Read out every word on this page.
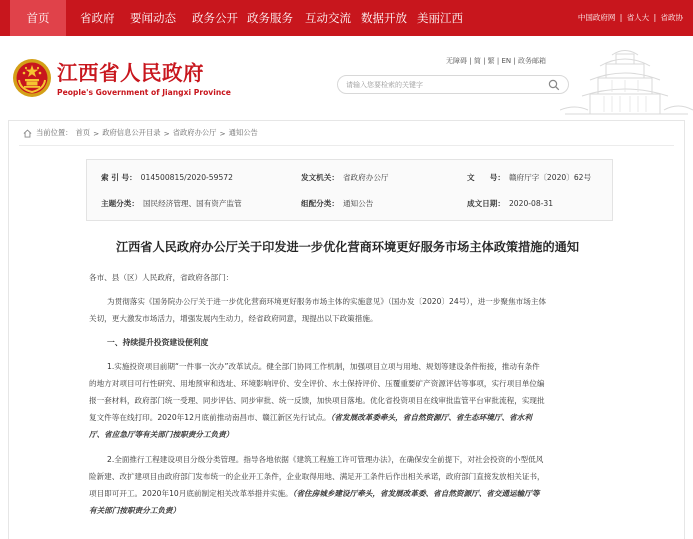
首页	省政府 要闻动态 政务公开 政务服务 互动交流 数据开放 美丽江西	中国政府网 | 省人大 | 省政协
江西省人民政府
People's Government of Jiangxi Province
无障碍 | 简 | 繁 | EN | 政务邮箱
请输入您要检索的关键字
当前位置： 首页 > 政府信息公开目录 > 省政府办公厅 > 通知公告
索 引 号： 014500815/2020-59572	发文机关： 省政府办公厅	文　　号： 赣府厅字〔2020〕62号
主题分类： 国民经济管理、国有资产监管	组配分类： 通知公告	成文日期： 2020-08-31
江西省人民政府办公厅关于印发进一步优化营商环境更好服务市场主体政策措施的通知
各市、县（区）人民政府，省政府各部门：
为贯彻落实《国务院办公厅关于进一步优化营商环境更好服务市场主体的实施意见》（国办发〔2020〕24号），进一步聚焦市场主体
关切，更大激发市场活力，增强发展内生动力，经省政府同意，现提出以下政策措施。
一、持续提升投资建设便利度
1.实施投资项目前期“一件事一次办”改革试点。健全部门协同工作机制，加强项目立项与用地、规划等建设条件衔接，推动有条件
的地方对项目可行性研究、用地预审和选址、环境影响评价、安全评价、水土保持评价、压覆重要矿产资源评估等事项，实行项目单位编
报一套材料，政府部门统一受理、同步评估、同步审批、统一反馈，加快项目落地。优化省投资项目在线审批监管平台审批流程，实现批
复文件等在线打印。2020年12月底前推动南昌市、赣江新区先行试点。（省发展改革委牵头，省自然资源厅、省生态环境厅、省水利
厅、省应急厅等有关部门按职责分工负责）
2.全面推行工程建设项目分级分类管理。指导各地依据《建筑工程施工许可管理办法》，在确保安全前提下，对社会投资的小型低风
险新建、改扩建项目由政府部门发布统一的企业开工条件，企业取得用地、满足开工条件后作出相关承诺，政府部门直接发放相关证书，
项目即可开工。2020年10月底前制定相关改革举措并实施。（省住房城乡建设厅牵头，省发展改革委、省自然资源厅、省交通运输厅等
有关部门按职责分工负责）
